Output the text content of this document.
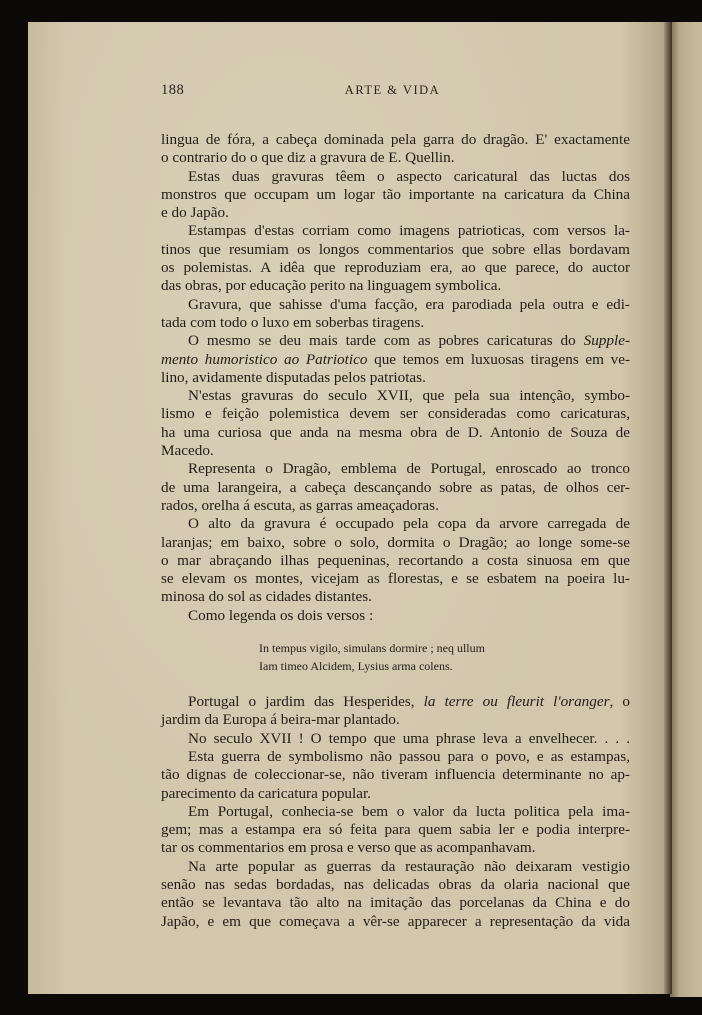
188	ARTE & VIDA
lingua de fóra, a cabeça dominada pela garra do dragão. E' exactamente
o contrario do o que diz a gravura de E. Quellin.
Estas duas gravuras têem o aspecto caricatural das luctas dos
monstros que occupam um logar tão importante na caricatura da China
e do Japão.
Estampas d'estas corriam como imagens patrioticas, com versos la-
tinos que resumiam os longos commentarios que sobre ellas bordavam
os polemistas. A idêa que reproduziam era, ao que parece, do auctor
das obras, por educação perito na linguagem symbolica.
Gravura, que sahisse d'uma facção, era parodiada pela outra e edi-
tada com todo o luxo em soberbas tiragens.
O mesmo se deu mais tarde com as pobres caricaturas do Supple-
mento humoristico ao Patriotico que temos em luxuosas tiragens em ve-
lino, avidamente disputadas pelos patriotas.
N'estas gravuras do seculo XVII, que pela sua intenção, symbo-
lismo e feição polemistica devem ser consideradas como caricaturas,
ha uma curiosa que anda na mesma obra de D. Antonio de Souza de
Macedo.
Representa o Dragão, emblema de Portugal, enroscado ao tronco
de uma larangeira, a cabeça descançando sobre as patas, de olhos cer-
rados, orelha á escuta, as garras ameaçadoras.
O alto da gravura é occupado pela copa da arvore carregada de
laranjas; em baixo, sobre o solo, dormita o Dragão; ao longe some-se
o mar abraçando ilhas pequeninas, recortando a costa sinuosa em que
se elevam os montes, vicejam as florestas, e se esbatem na poeira lu-
minosa do sol as cidades distantes.
Como legenda os dois versos :
In tempus vigilo, simulans dormire ; neq ullum
Iam timeo Alcidem, Lysius arma colens.
Portugal o jardim das Hesperides, la terre ou fleurit l'oranger, o
jardim da Europa á beira-mar plantado.
No seculo XVII ! O tempo que uma phrase leva a envelhecer. . . .
Esta guerra de symbolismo não passou para o povo, e as estampas,
tão dignas de coleccionar-se, não tiveram influencia determinante no ap-
parecimento da caricatura popular.
Em Portugal, conhecia-se bem o valor da lucta politica pela ima-
gem; mas a estampa era só feita para quem sabia ler e podia interpre-
tar os commentarios em prosa e verso que as acompanhavam.
Na arte popular as guerras da restauração não deixaram vestigio
senão nas sedas bordadas, nas delicadas obras da olaria nacional que
então se levantava tão alto na imitação das porcelanas da China e do
Japão, e em que começava a vêr-se apparecer a representação da vida
